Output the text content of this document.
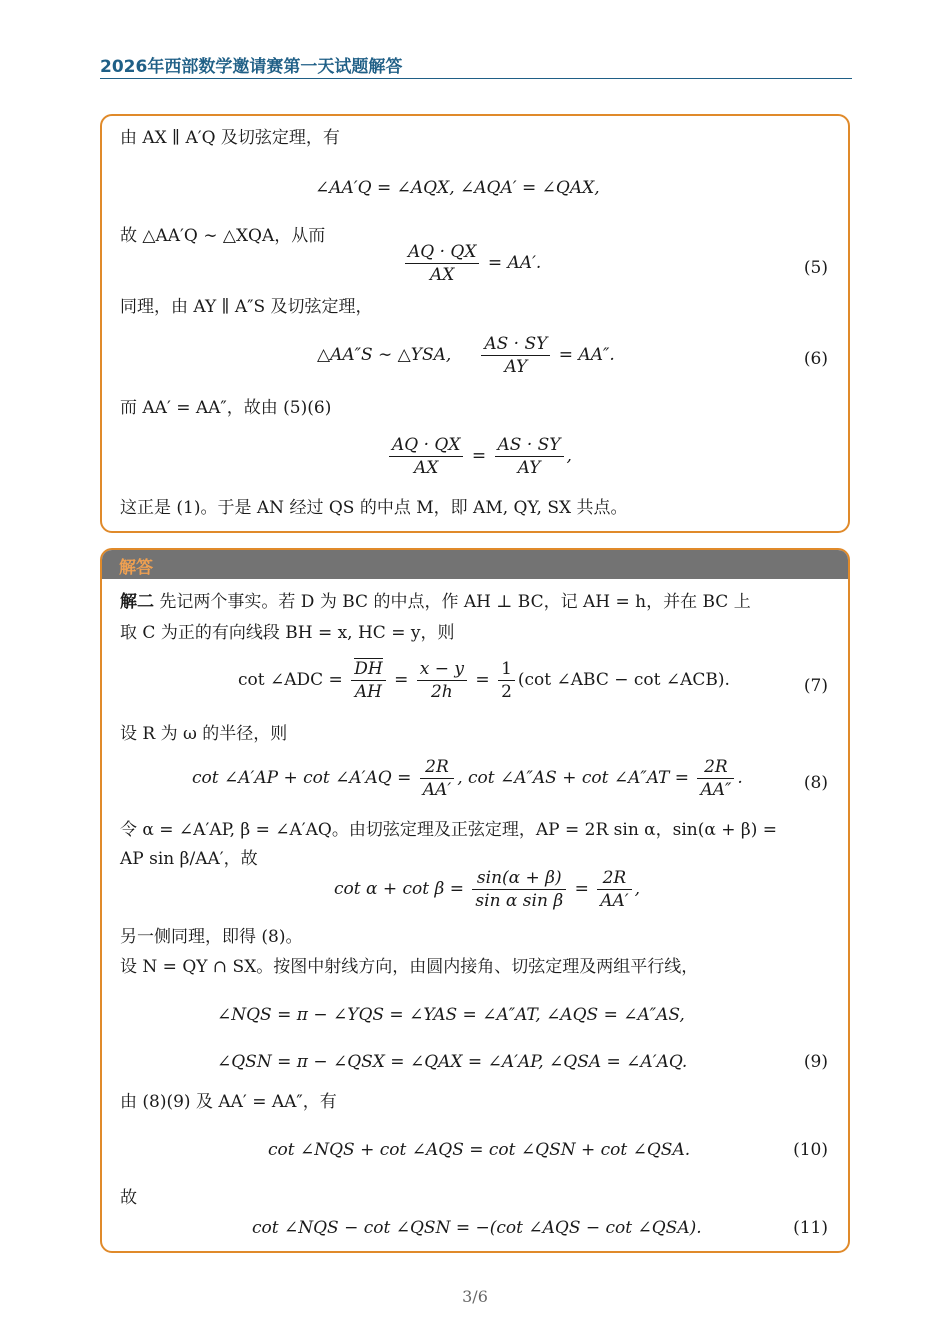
2026年西部数学邀请赛第一天试题解答
由 AX ∥ A′Q 及切弦定理，有
∠AA′Q = ∠AQX, ∠AQA′ = ∠QAX,
故 △AA′Q ∼ △XQA，从而
$\frac{AQ \cdot QX}{AX} = AA'$.	(5)
同理，由 AY ∥ A″S 及切弦定理，
△AA″S ∼ △YSA, $\frac{AS \cdot SY}{AY} = AA''$.	(6)
而 AA′ = AA″，故由 (5)(6)
$\frac{AQ \cdot QX}{AX} = \frac{AS \cdot SY}{AY}$ ,
这正是 (1)。于是 AN 经过 QS 的中点 M，即 AM, QY, SX 共点。
解答
解二 先记两个事实。若 D 为 BC 的中点，作 AH ⊥ BC，记 AH = h，并在 BC 上
取 C 为正的有向线段 BH = x, HC = y，则
cot ∠ADC = $\frac{DH}{AH} = \frac{x - y}{2h} = \frac{1}{2} (\cot$ ∠ABC − cot ∠ACB).	(7)
设 R 为 ω 的半径，则
cot ∠A′AP + cot ∠A′AQ = $\frac{2R}{AA'}$ , cot ∠A″AS + cot ∠A″AT = $\frac{2R}{AA''}$ .	(8)
令 α = ∠A′AP, β = ∠A′AQ。由切弦定理及正弦定理，AP = 2R sin α，sin(α + β) =
AP sin β/AA′，故
$\cot \alpha + \cot \beta = \frac{\sin(\alpha + \beta)}{\text{sin α sin β}} = \frac{2R}{AA'}$ ,
另一侧同理，即得 (8)。
设 N = QY ∩ SX。按图中射线方向，由圆内接角、切弦定理及两组平行线，
∠NQS = π − ∠YQS = ∠YAS = ∠A″AT, ∠AQS = ∠A″AS,
∠QSN = π − ∠QSX = ∠QAX = ∠A′AP, ∠QSA = ∠A′AQ.	(9)
由 (8)(9) 及 AA′ = AA″，有
cot ∠NQS + cot ∠AQS = cot ∠QSN + cot ∠QSA.	(10)
故
cot ∠NQS − cot ∠QSN = −(cot ∠AQS − cot ∠QSA).	(11)
3/6
